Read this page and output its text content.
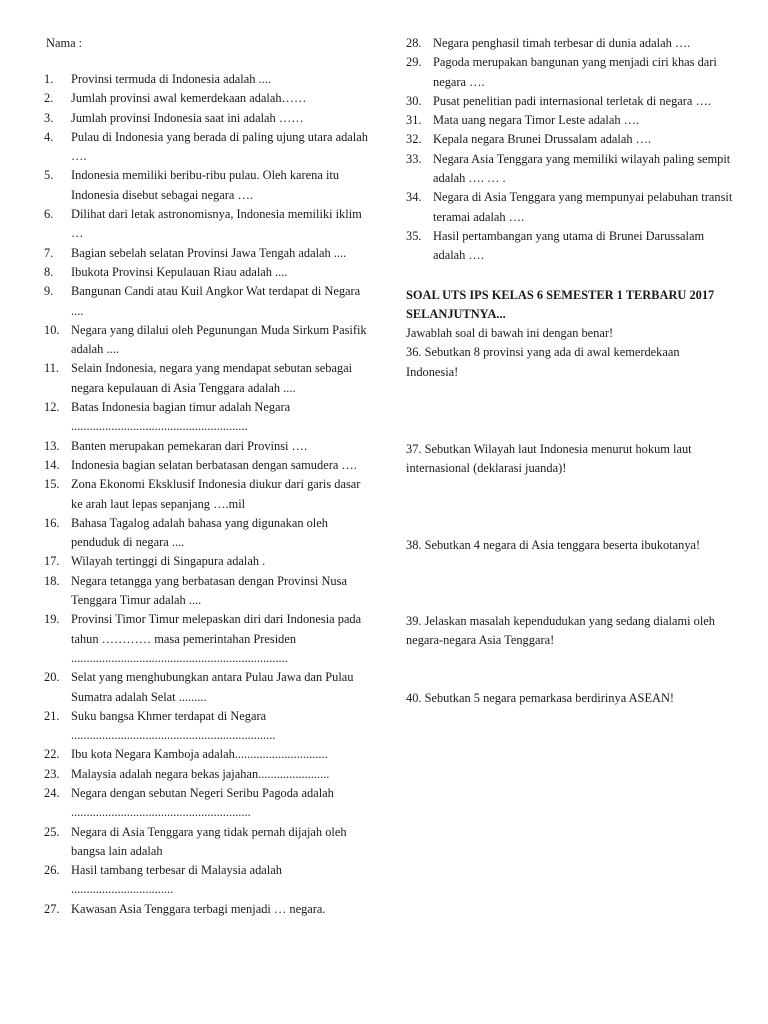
Nama :
1.	Provinsi termuda di Indonesia adalah ....
2.	Jumlah provinsi awal kemerdekaan adalah……
3.	Jumlah provinsi Indonesia saat ini adalah ……
4.	Pulau di Indonesia yang berada di paling ujung utara adalah ….
5.	Indonesia memiliki beribu-ribu pulau. Oleh karena itu Indonesia disebut sebagai negara ….
6.	Dilihat dari letak astronomisnya, Indonesia memiliki iklim …
7.	Bagian sebelah selatan Provinsi Jawa Tengah adalah ....
8.	Ibukota Provinsi Kepulauan Riau adalah ....
9.	Bangunan Candi atau Kuil Angkor Wat terdapat di Negara ....
10. Negara yang dilalui oleh Pegunungan Muda Sirkum Pasifik adalah ....
11. Selain Indonesia, negara yang mendapat sebutan sebagai negara kepulauan di Asia Tenggara adalah ....
12. Batas Indonesia bagian timur adalah Negara .........................................................
13. Banten merupakan pemekaran dari Provinsi ….
14. Indonesia bagian selatan berbatasan dengan samudera ….
15. Zona Ekonomi Eksklusif Indonesia diukur dari garis dasar ke arah laut lepas sepanjang ….mil
16. Bahasa Tagalog adalah bahasa yang digunakan oleh penduduk di negara ....
17. Wilayah tertinggi di Singapura adalah .
18. Negara tetangga yang berbatasan dengan Provinsi Nusa Tenggara Timur adalah ....
19. Provinsi Timor Timur melepaskan diri dari Indonesia pada tahun ………… masa pemerintahan Presiden ......................................................................
20. Selat yang menghubungkan antara Pulau Jawa dan Pulau Sumatra adalah Selat .........
21. Suku bangsa Khmer terdapat di Negara ..................................................................
22. Ibu kota Negara Kamboja adalah..............................
23. Malaysia adalah negara bekas jajahan.......................
24. Negara dengan sebutan Negeri Seribu Pagoda adalah ..........................................................
25. Negara di Asia Tenggara yang tidak pernah dijajah oleh bangsa lain adalah
26. Hasil tambang terbesar di Malaysia adalah .................................
27. Kawasan Asia Tenggara terbagi menjadi … negara.
28. Negara penghasil timah terbesar di dunia adalah ….
29. Pagoda merupakan bangunan yang menjadi ciri khas dari negara ….
30. Pusat penelitian padi internasional terletak di negara ….
31. Mata uang negara Timor Leste adalah ….
32. Kepala negara Brunei Drussalam adalah ….
33. Negara Asia Tenggara yang memiliki wilayah paling sempit adalah …. … .
34. Negara di Asia Tenggara yang mempunyai pelabuhan transit teramai adalah ….
35. Hasil pertambangan yang utama di Brunei Darussalam adalah ….
SOAL UTS IPS KELAS 6 SEMESTER 1 TERBARU 2017 SELANJUTNYA...
Jawablah soal di bawah ini dengan benar!
36. Sebutkan 8 provinsi yang ada di awal kemerdekaan Indonesia!
37. Sebutkan Wilayah laut Indonesia menurut hokum laut internasional (deklarasi juanda)!
38. Sebutkan 4 negara di Asia tenggara beserta ibukotanya!
39. Jelaskan masalah kependudukan yang sedang dialami oleh negara-negara Asia Tenggara!
40. Sebutkan 5 negara pemarkasa berdirinya ASEAN!
